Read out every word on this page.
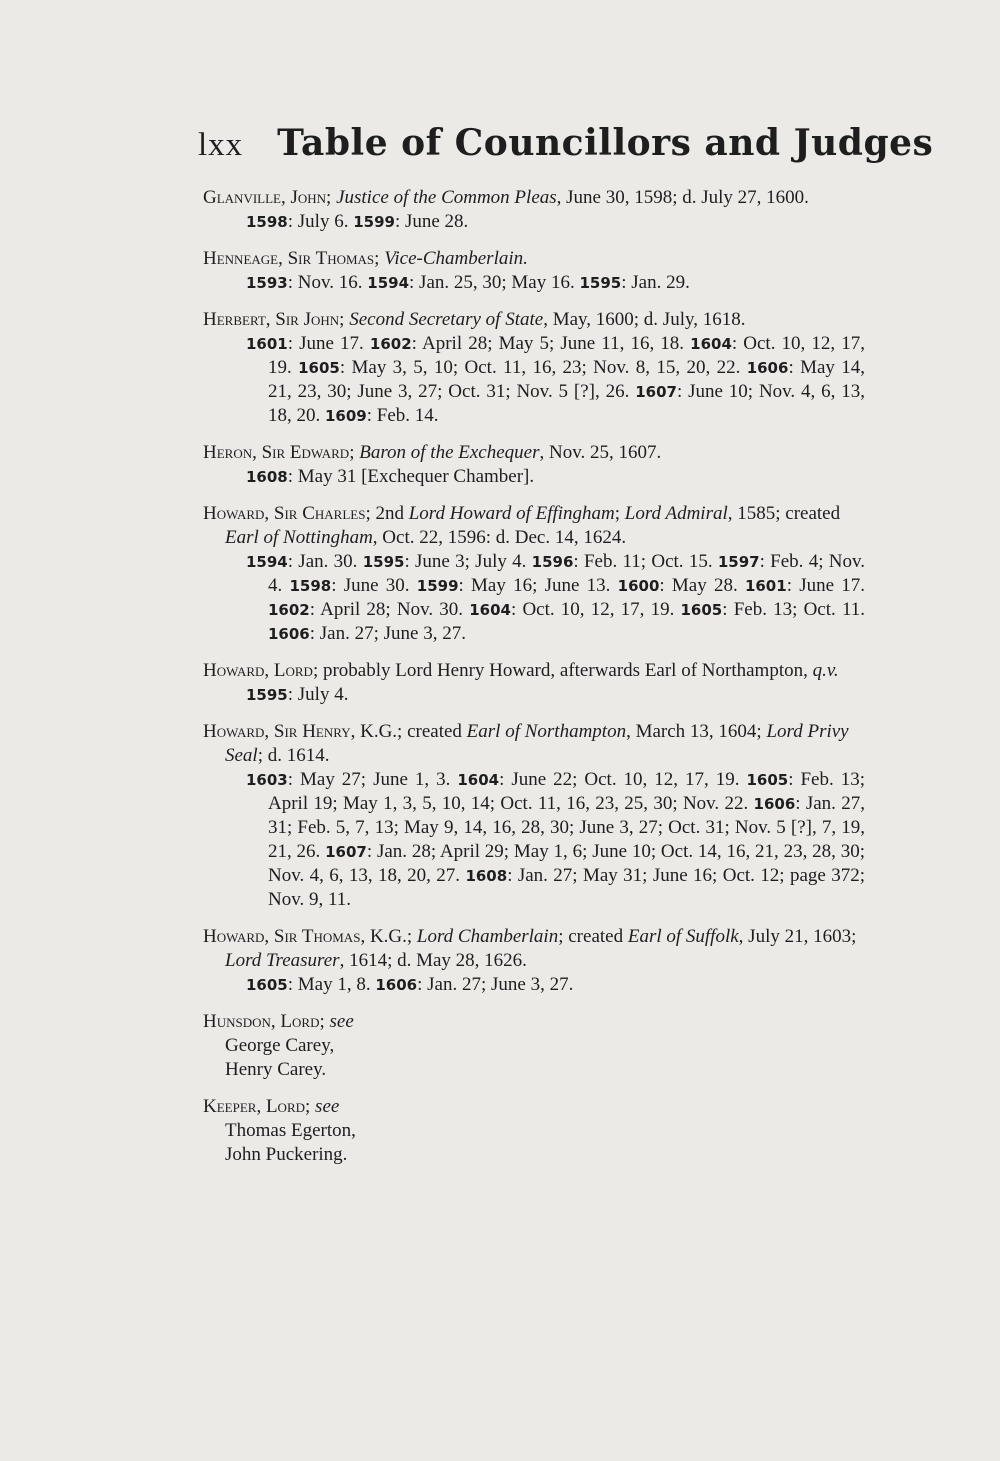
lxx Table of Councillors and Judges
Glanville, John; Justice of the Common Pleas, June 30, 1598; d. July 27, 1600.
1598: July 6. 1599: June 28.
Henneage, Sir Thomas; Vice-Chamberlain.
1593: Nov. 16. 1594: Jan. 25, 30; May 16. 1595: Jan. 29.
Herbert, Sir John; Second Secretary of State, May, 1600; d. July, 1618.
1601: June 17. 1602: April 28; May 5; June 11, 16, 18. 1604: Oct. 10, 12, 17, 19. 1605: May 3, 5, 10; Oct. 11, 16, 23; Nov. 8, 15, 20, 22. 1606: May 14, 21, 23, 30; June 3, 27; Oct. 31; Nov. 5 [?], 26. 1607: June 10; Nov. 4, 6, 13, 18, 20. 1609: Feb. 14.
Heron, Sir Edward; Baron of the Exchequer, Nov. 25, 1607.
1608: May 31 [Exchequer Chamber].
Howard, Sir Charles; 2nd Lord Howard of Effingham; Lord Admiral, 1585; created Earl of Nottingham, Oct. 22, 1596: d. Dec. 14, 1624.
1594: Jan. 30. 1595: June 3; July 4. 1596: Feb. 11; Oct. 15. 1597: Feb. 4; Nov. 4. 1598: June 30. 1599: May 16; June 13. 1600: May 28. 1601: June 17. 1602: April 28; Nov. 30. 1604: Oct. 10, 12, 17, 19. 1605: Feb. 13; Oct. 11. 1606: Jan. 27; June 3, 27.
Howard, Lord; probably Lord Henry Howard, afterwards Earl of Northampton, q.v.
1595: July 4.
Howard, Sir Henry, K.G.; created Earl of Northampton, March 13, 1604; Lord Privy Seal; d. 1614.
1603: May 27; June 1, 3. 1604: June 22; Oct. 10, 12, 17, 19. 1605: Feb. 13; April 19; May 1, 3, 5, 10, 14; Oct. 11, 16, 23, 25, 30; Nov. 22. 1606: Jan. 27, 31; Feb. 5, 7, 13; May 9, 14, 16, 28, 30; June 3, 27; Oct. 31; Nov. 5 [?], 7, 19, 21, 26. 1607: Jan. 28; April 29; May 1, 6; June 10; Oct. 14, 16, 21, 23, 28, 30; Nov. 4, 6, 13, 18, 20, 27. 1608: Jan. 27; May 31; June 16; Oct. 12; page 372; Nov. 9, 11.
Howard, Sir Thomas, K.G.; Lord Chamberlain; created Earl of Suffolk, July 21, 1603; Lord Treasurer, 1614; d. May 28, 1626.
1605: May 1, 8. 1606: Jan. 27; June 3, 27.
Hunsdon, Lord; see
George Carey,
Henry Carey.
Keeper, Lord; see
Thomas Egerton,
John Puckering.
